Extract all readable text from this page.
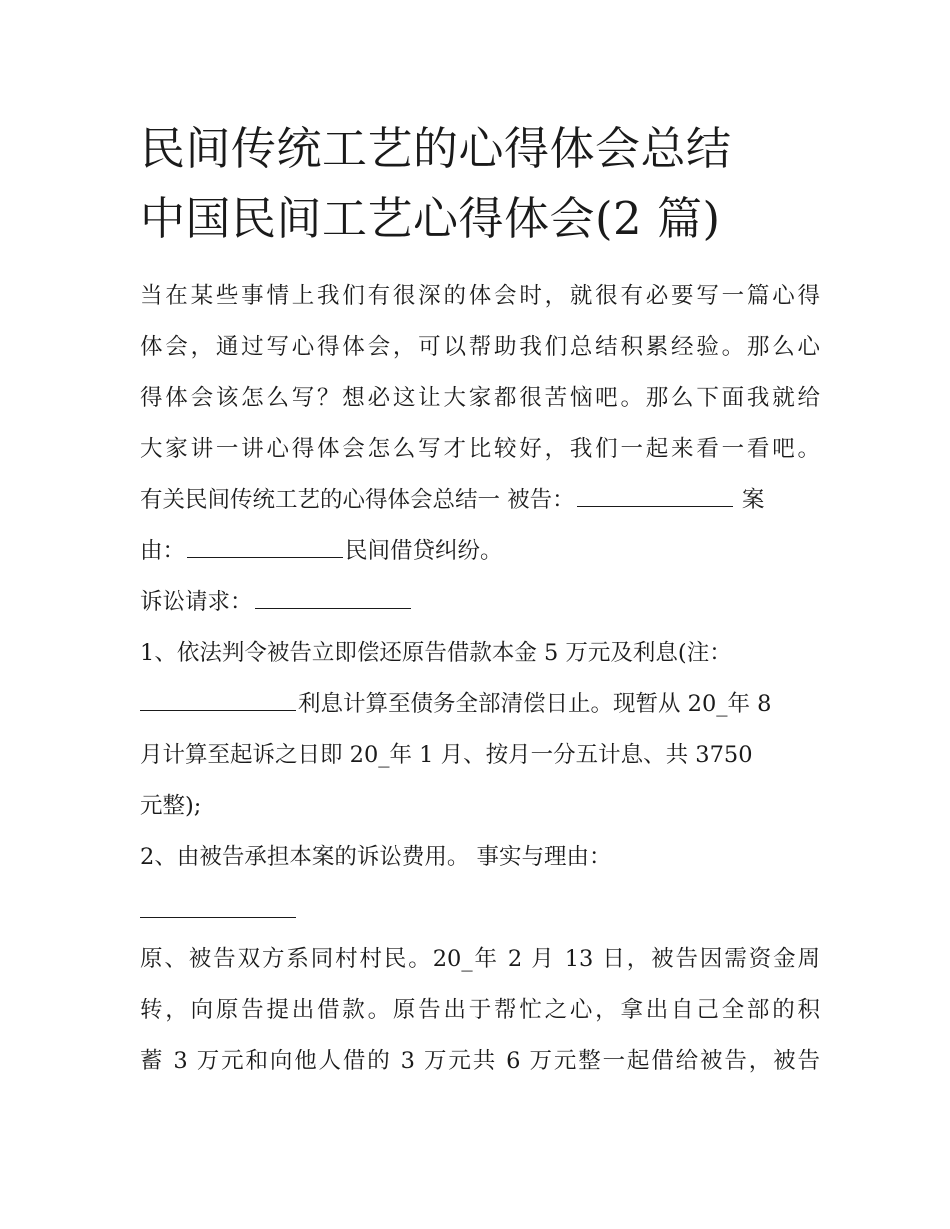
民间传统工艺的心得体会总结
中国民间工艺心得体会(2 篇)

当在某些事情上我们有很深的体会时，就很有必要写一篇心得
体会，通过写心得体会，可以帮助我们总结积累经验。那么心
得体会该怎么写？想必这让大家都很苦恼吧。那么下面我就给
大家讲一讲心得体会怎么写才比较好，我们一起来看一看吧。

有关民间传统工艺的心得体会总结一 被告：	案
由：	民间借贷纠纷。

诉讼请求：

1、依法判令被告立即偿还原告借款本金 5 万元及利息(注：
利息计算至债务全部清偿日止。现暂从 20_年 8
月计算至起诉之日即 20_年 1 月、按月一分五计息、共 3750
元整);

2、由被告承担本案的诉讼费用。 事实与理由：

原、被告双方系同村村民。20_年 2 月 13 日，被告因需资金周
转，向原告提出借款。原告出于帮忙之心，拿出自己全部的积
蓄 3 万元和向他人借的 3 万元共 6 万元整一起借给被告，被告
